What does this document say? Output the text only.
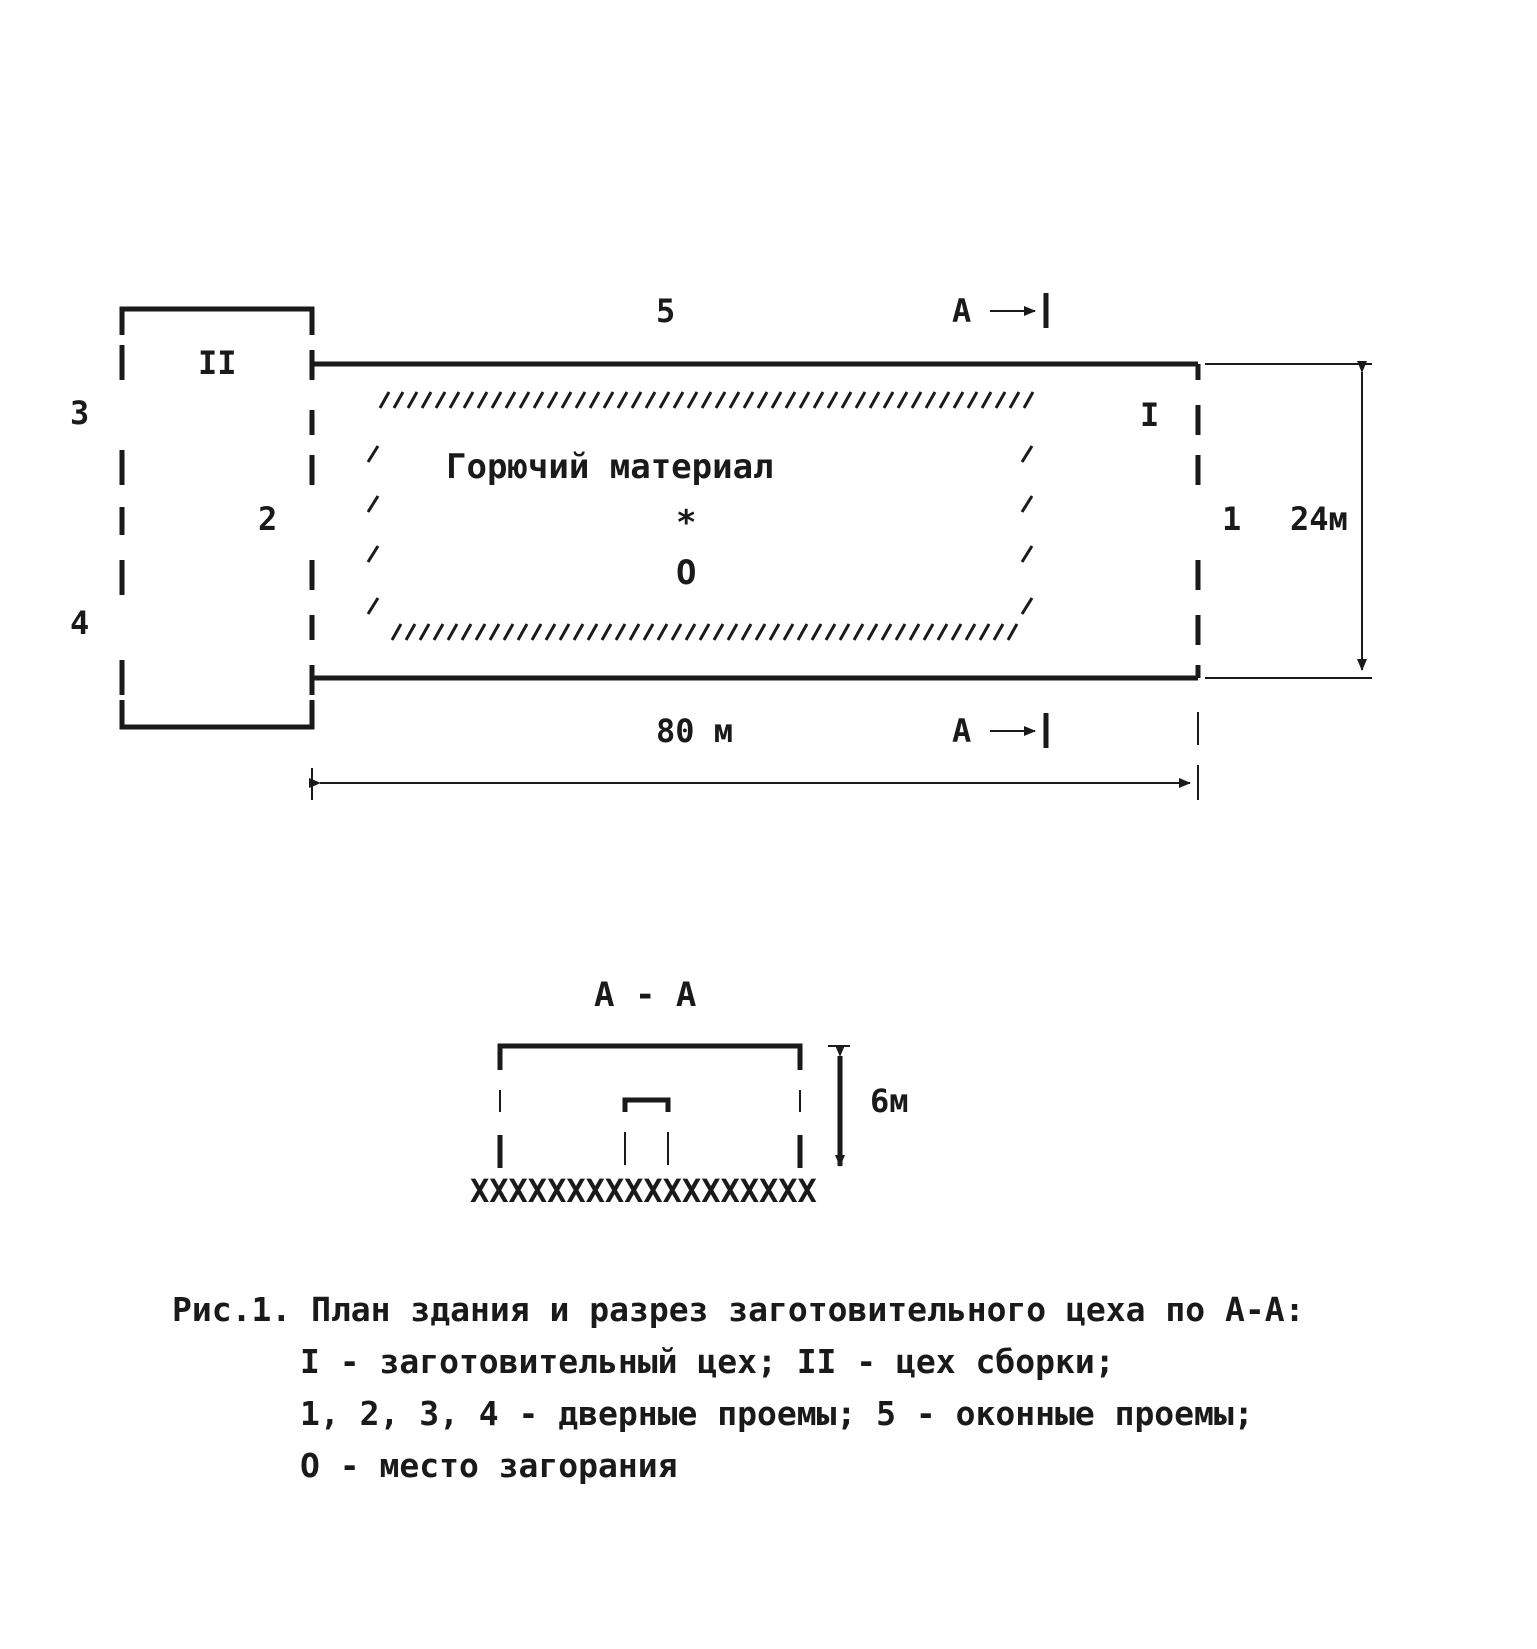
5	А
II
I
3
4
2	1
Горючий материал
*
О
24м
80 м	А
А - А
6м
XXXXXXXXXXXXXXXXXX
Рис.1. План здания и разрез заготовительного цеха по А-А:
I - заготовительный цех; II - цех сборки;
1, 2, 3, 4 - дверные проемы; 5 - оконные проемы;
О - место загорания
